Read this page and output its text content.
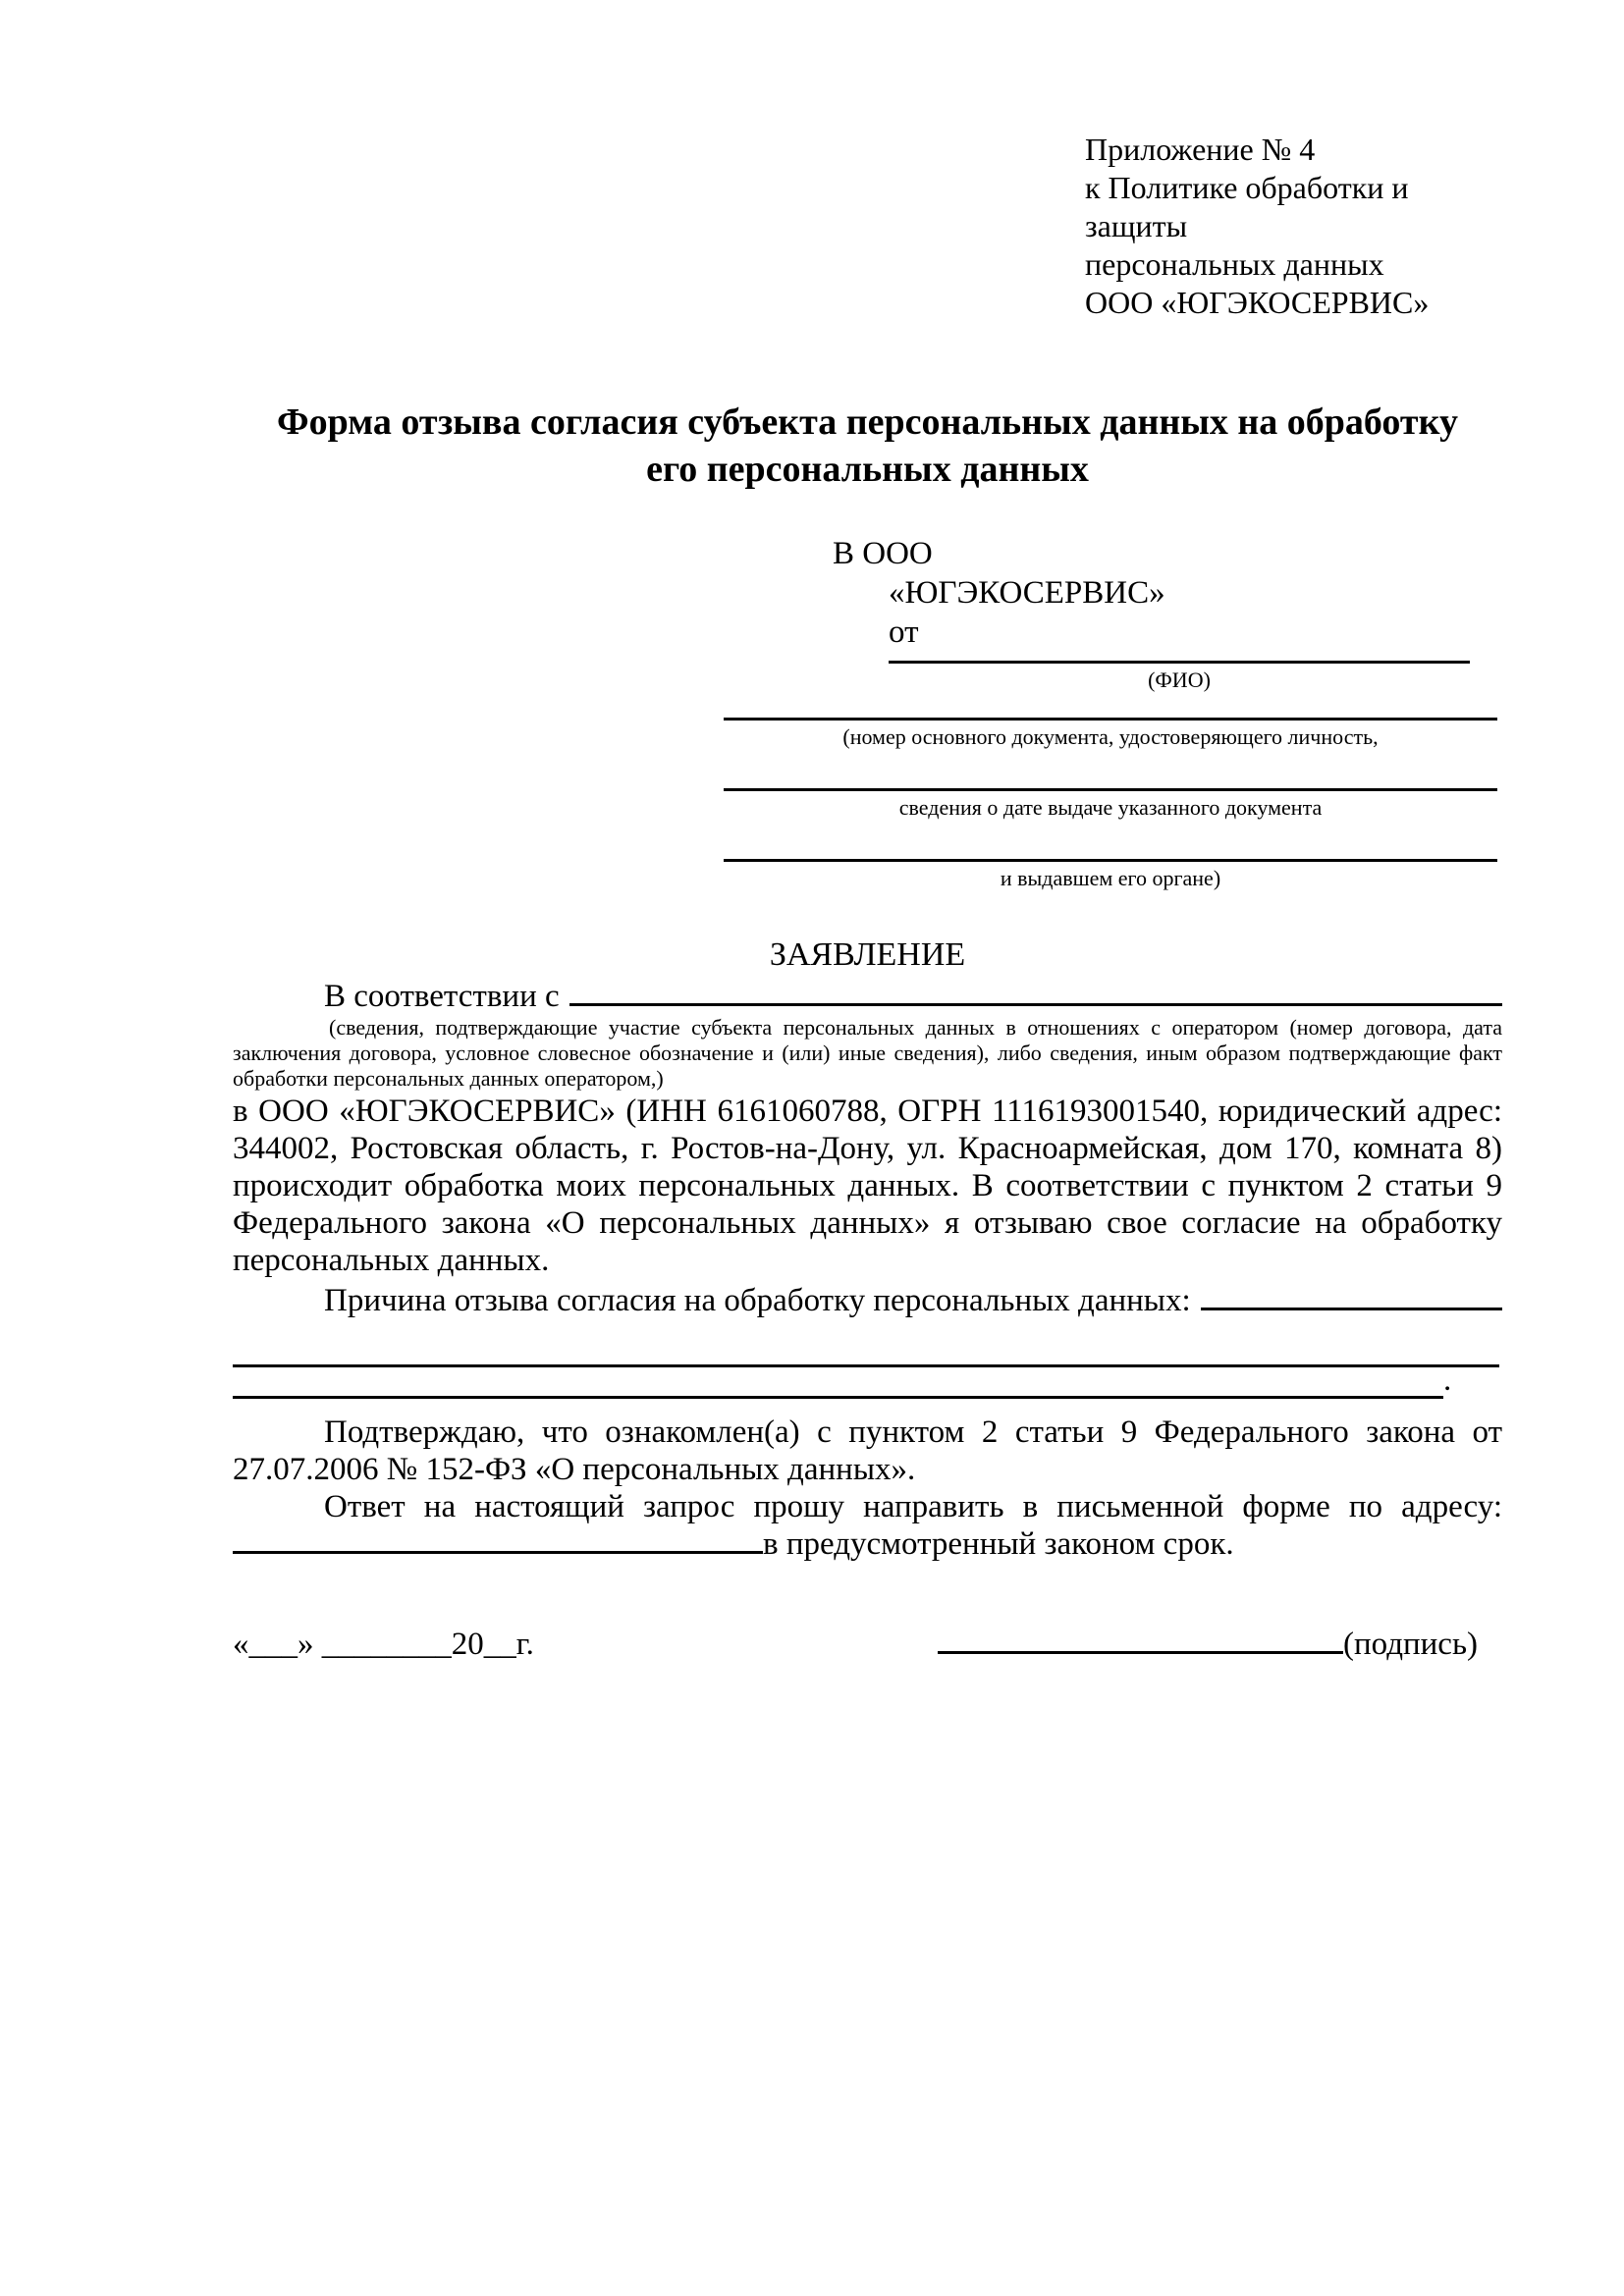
Приложение № 4
к Политике обработки и защиты
персональных данных
ООО «ЮГЭКОСЕРВИС»
Форма отзыва согласия субъекта персональных данных на обработку
его персональных данных
В ООО
«ЮГЭКОСЕРВИС»
от
(ФИО)
(номер основного документа, удостоверяющего личность,
сведения о дате выдаче указанного документа
и выдавшем его органе)
ЗАЯВЛЕНИЕ
В соответствии с
(сведения, подтверждающие участие субъекта персональных данных в отношениях с оператором (номер договора, дата заключения договора, условное словесное обозначение и (или) иные сведения), либо сведения, иным образом подтверждающие факт обработки персональных данных оператором,)
в ООО «ЮГЭКОСЕРВИС» (ИНН 6161060788, ОГРН 1116193001540, юридический адрес: 344002, Ростовская область, г. Ростов-на-Дону, ул. Красноармейская, дом 170, комната 8) происходит обработка моих персональных данных. В соответствии с пунктом 2 статьи 9 Федерального закона «О персональных данных» я отзываю свое согласие на обработку персональных данных.
Причина отзыва согласия на обработку персональных данных:
.
Подтверждаю, что ознакомлен(а) с пунктом 2 статьи 9 Федерального закона от 27.07.2006 № 152-ФЗ «О персональных данных».
Ответ на настоящий запрос прошу направить в письменной форме по адресу: в предусмотренный законом срок.
«___» ________20__г.	(подпись)
